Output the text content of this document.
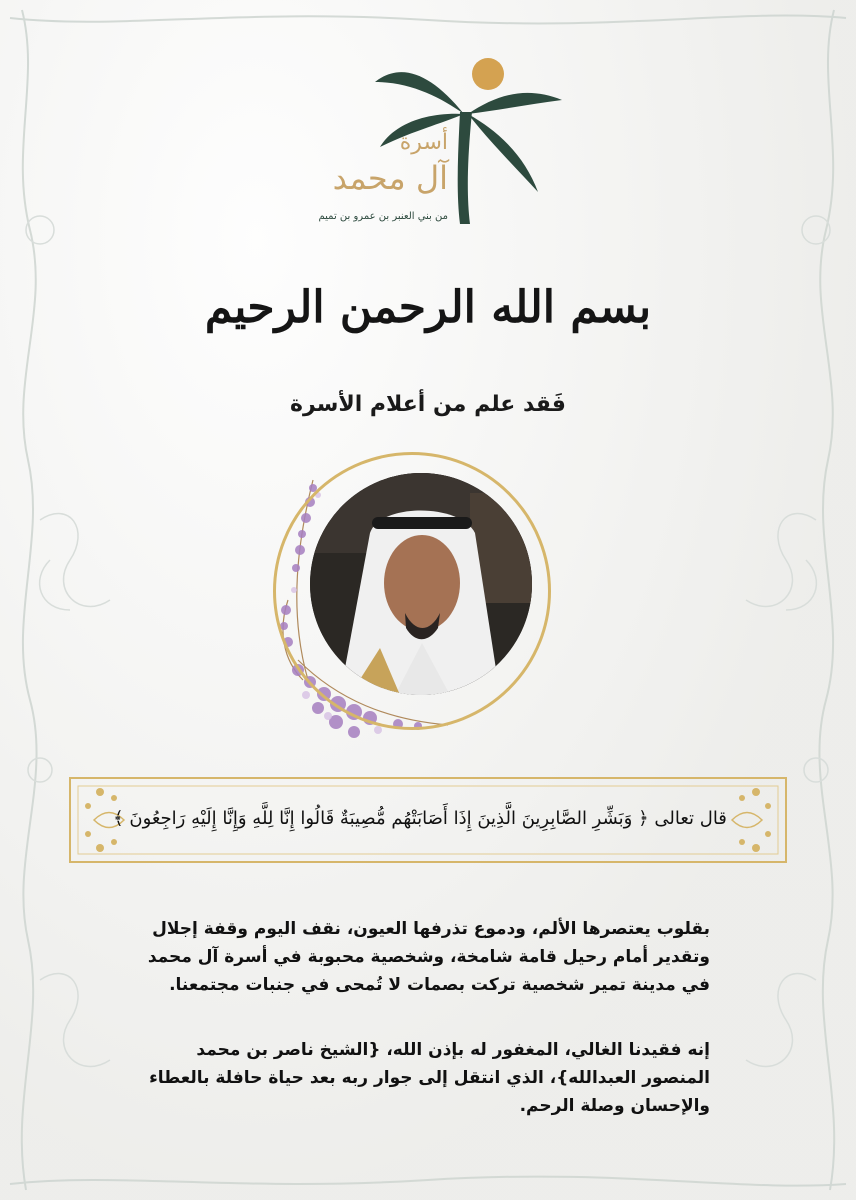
أسرة
آل محمد
من بني العنبر بن عمرو بن تميم
بسم الله الرحمن الرحيم
فَقد علم من أعلام الأسرة
قال تعالى ﴿ وَبَشِّرِ الصَّابِرِينَ الَّذِينَ إِذَا أَصَابَتْهُم مُّصِيبَةٌ قَالُوا إِنَّا لِلَّهِ وَإِنَّا إِلَيْهِ رَاجِعُونَ ﴾
بقلوب يعتصرها الألم، ودموع تذرفها العيون، نقف اليوم وقفة إجلال
وتقدير أمام رحيل قامة شامخة، وشخصية محبوبة في أسرة آل محمد
في مدينة تمير شخصية تركت بصمات لا تُمحى في جنبات مجتمعنا.
إنه فقيدنا الغالي، المغفور له بإذن الله، {الشيخ ناصر بن محمد
المنصور العبدالله}، الذي انتقل إلى جوار ربه بعد حياة حافلة بالعطاء
والإحسان وصلة الرحم.
